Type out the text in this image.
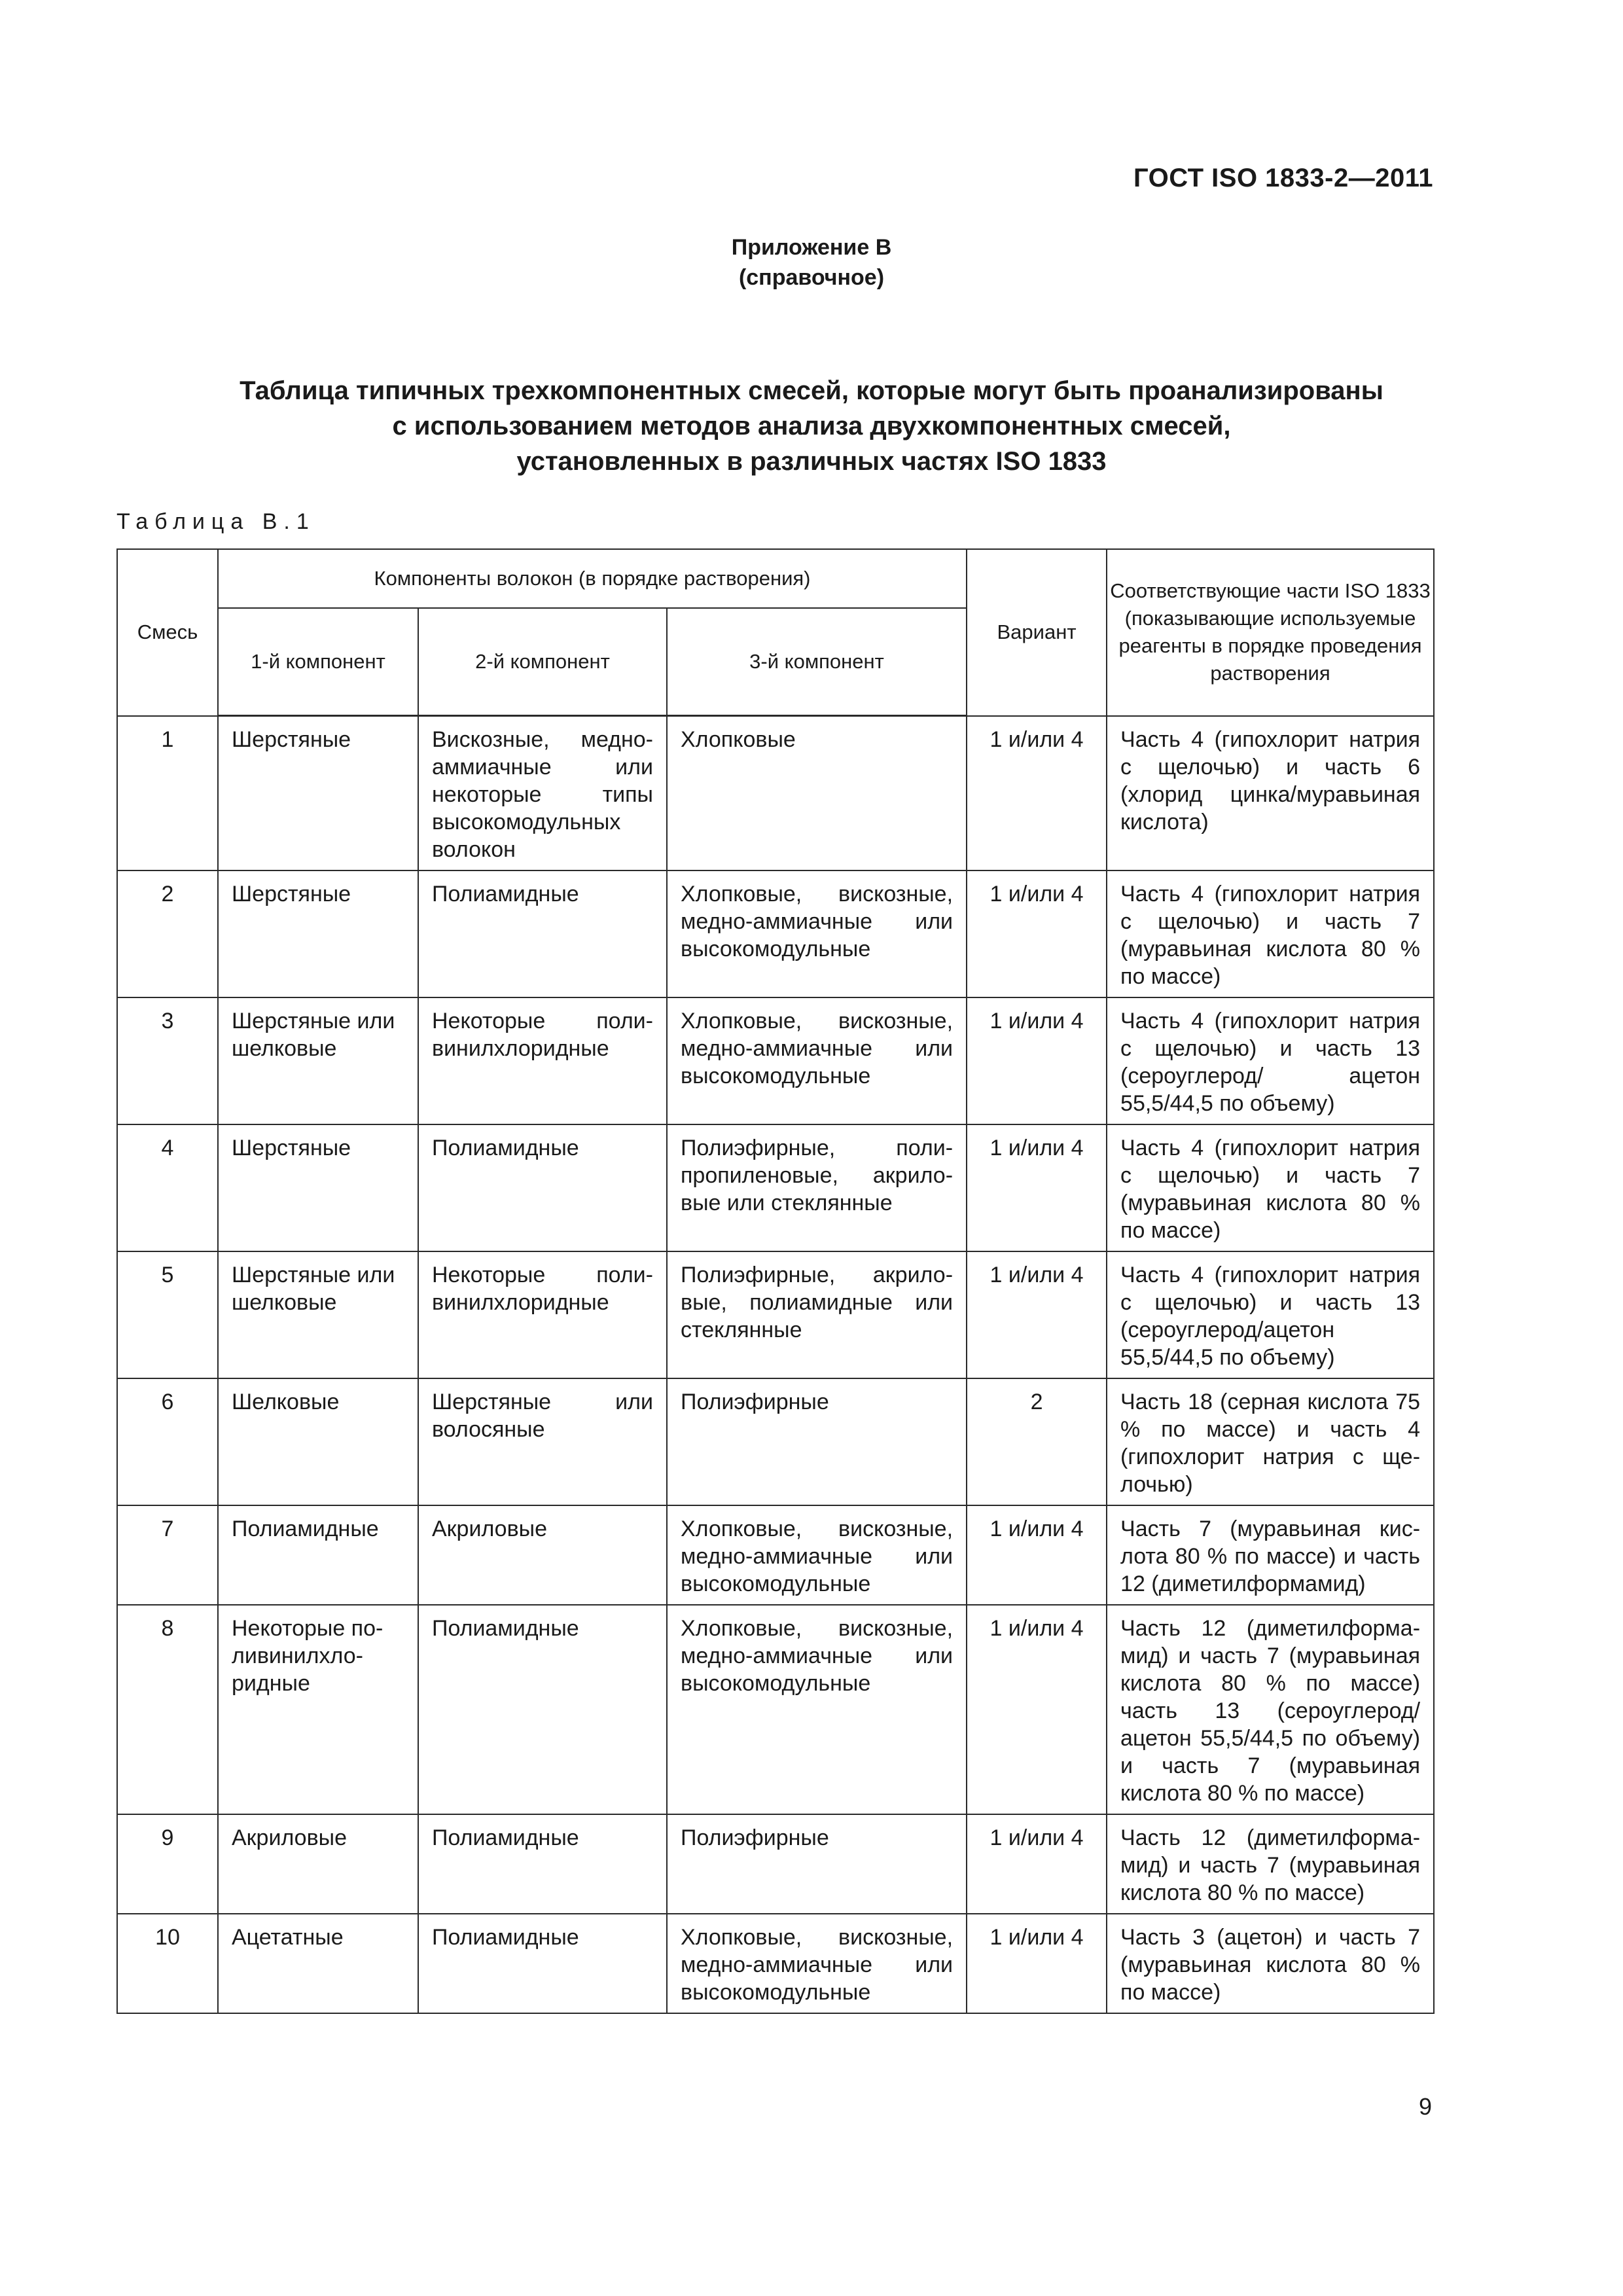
ГОСТ ISO 1833-2—2011
Приложение В
(справочное)
Таблица типичных трехкомпонентных смесей, которые могут быть проанализированы
с использованием методов анализа двухкомпонентных смесей,
установленных в различных частях ISO 1833
Таблица В.1
Смесь	Компоненты волокон (в порядке растворения)			Вариант	Соответствующие части ISO 1833 (показывающие используемые реагенты в порядке проведения растворения
	1-й компонент	2-й компонент	3-й компонент		
1	Шерстяные	Вискозные, медно-аммиачные или некоторые типы высокомодульных волокон	Хлопковые	1 и/или 4	Часть 4 (гипохлорит натрия с щелочью) и часть 6 (хлорид цинка/муравьиная кислота)
2	Шерстяные	Полиамидные	Хлопковые, вискозные, медно-аммиачные или высокомодульные	1 и/или 4	Часть 4 (гипохлорит натрия с щелочью) и часть 7 (муравьиная кислота 80 % по массе)
3	Шерстяные или шелковые	Некоторые поливинилхлоридные	Хлопковые, вискозные, медно-аммиачные или высокомодульные	1 и/или 4	Часть 4 (гипохлорит натрия с щелочью) и часть 13 (сероуглерод/ ацетон 55,5/44,5 по объему)
4	Шерстяные	Полиамидные	Полиэфирные, полипропиленовые, акриловые или стеклянные	1 и/или 4	Часть 4 (гипохлорит натрия с щелочью) и часть 7 (муравьиная кислота 80 % по массе)
5	Шерстяные или шелковые	Некоторые поливинилхлоридные	Полиэфирные, акриловые, полиамидные или стеклянные	1 и/или 4	Часть 4 (гипохлорит натрия с щелочью) и часть 13 (сероуглерод/ацетон 55,5/44,5 по объему)
6	Шелковые	Шерстяные или волосяные	Полиэфирные	2	Часть 18 (серная кислота 75 % по массе) и часть 4 (гипохлорит натрия с щелочью)
7	Полиамидные	Акриловые	Хлопковые, вискозные, медно-аммиачные или высокомодульные	1 и/или 4	Часть 7 (муравьиная кислота 80 % по массе) и часть 12 (диметилформамид)
8	Некоторые поливинилхлоридные	Полиамидные	Хлопковые, вискозные, медно-аммиачные или высокомодульные	1 и/или 4	Часть 12 (диметилформамид) и часть 7 (муравьиная кислота 80 % по массе) часть 13 (сероуглерод/ацетон 55,5/44,5 по объему) и часть 7 (муравьиная кислота 80 % по массе)
9	Акриловые	Полиамидные	Полиэфирные	1 и/или 4	Часть 12 (диметилформамид) и часть 7 (муравьиная кислота 80 % по массе)
10	Ацетатные	Полиамидные	Хлопковые, вискозные, медно-аммиачные или высокомодульные	1 и/или 4	Часть 3 (ацетон) и часть 7 (муравьиная кислота 80 % по массе)
9
